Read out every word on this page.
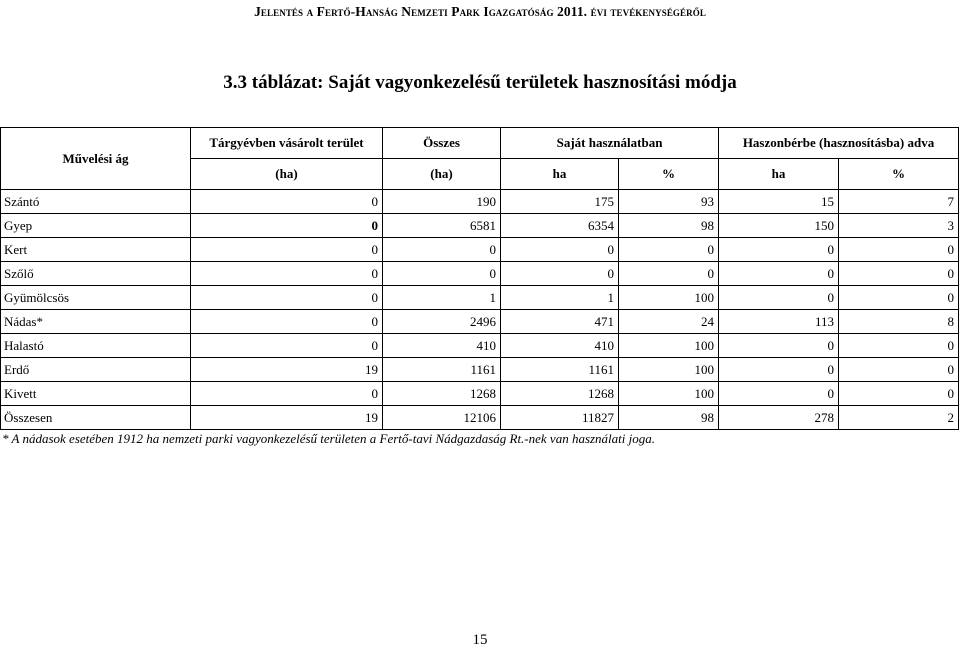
Jelentés a Fertő-Hanság Nemzeti Park Igazgatóság 2011. évi tevékenységéről
3.3 táblázat: Saját vagyonkezelésű területek hasznosítási módja
Művelési ág	Tárgyévben vásárolt terület	Összes	Saját használatban		Haszonbérbe (hasznosításba) adva	
	(ha)	(ha)	ha	%	ha	%
Szántó	0	190	175	93	15	7
Gyep	0	6581	6354	98	150	3
Kert	0	0	0	0	0	0
Szőlő	0	0	0	0	0	0
Gyümölcsös	0	1	1	100	0	0
Nádas*	0	2496	471	24	113	8
Halastó	0	410	410	100	0	0
Erdő	19	1161	1161	100	0	0
Kivett	0	1268	1268	100	0	0
Összesen	19	12106	11827	98	278	2
* A nádasok esetében 1912 ha nemzeti parki vagyonkezelésű területen a Fertő-tavi Nádgazdaság Rt.-nek van használati joga.
15
